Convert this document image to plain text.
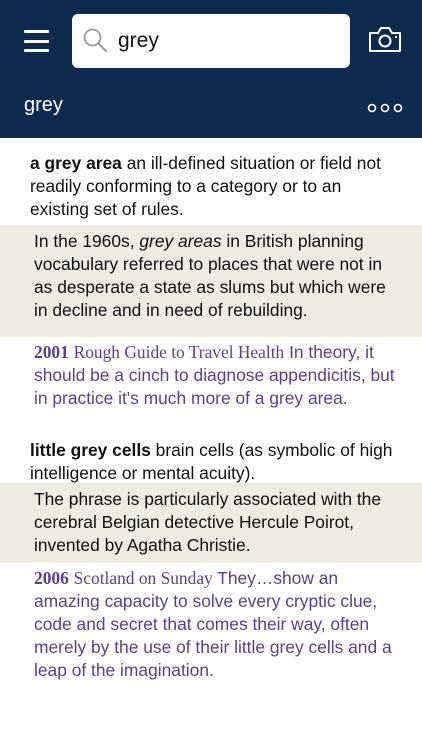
grey
grey
a grey area an ill-defined situation or field not readily conforming to a category or to an existing set of rules.
In the 1960s, grey areas in British planning vocabulary referred to places that were not in as desperate a state as slums but which were in decline and in need of rebuilding.
2001 Rough Guide to Travel Health In theory, it should be a cinch to diagnose appendicitis, but in practice it's much more of a grey area.
little grey cells brain cells (as symbolic of high intelligence or mental acuity).
The phrase is particularly associated with the cerebral Belgian detective Hercule Poirot, invented by Agatha Christie.
2006 Scotland on Sunday They…show an amazing capacity to solve every cryptic clue, code and secret that comes their way, often merely by the use of their little grey cells and a leap of the imagination.
